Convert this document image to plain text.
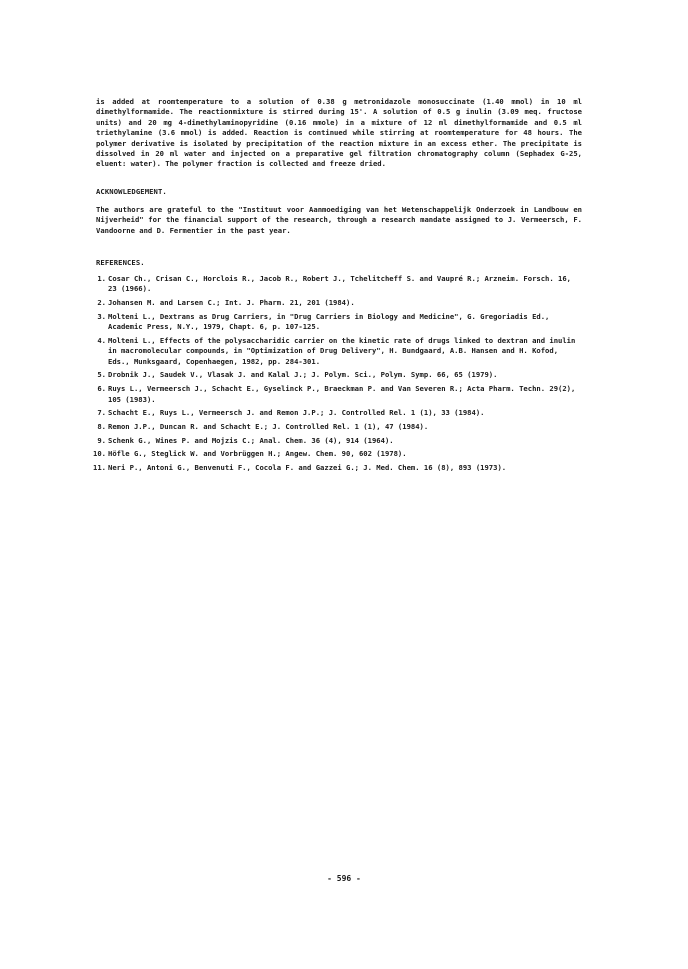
is added at roomtemperature to a solution of 0.38 g metronidazole monosuccinate (1.40 mmol) in 10 ml dimethylformamide. The reactionmixture is stirred during 15'. A solution of 0.5 g inulin (3.09 meq. fructose units) and 20 mg 4-dimethylaminopyridine (0.16 mmole) in a mixture of 12 ml dimethylformamide and 0.5 ml triethylamine (3.6 mmol) is added. Reaction is continued while stirring at roomtemperature for 48 hours. The polymer derivative is isolated by precipitation of the reaction mixture in an excess ether. The precipitate is dissolved in 20 ml water and injected on a preparative gel filtration chromatography column (Sephadex G-25, eluent: water). The polymer fraction is collected and freeze dried.

ACKNOWLEDGEMENT.

The authors are grateful to the "Instituut voor Aanmoediging van het Wetenschappelijk Onderzoek in Landbouw en Nijverheid" for the financial support of the research, through a research mandate assigned to J. Vermeersch, F. Vandoorne and D. Fermentier in the past year.

REFERENCES.

1. Cosar Ch., Crisan C., Horclois R., Jacob R., Robert J., Tchelitcheff S. and Vaupré R.; Arzneim. Forsch. 16, 23 (1966).
2. Johansen M. and Larsen C.; Int. J. Pharm. 21, 201 (1984).
3. Molteni L., Dextrans as Drug Carriers, in "Drug Carriers in Biology and Medicine", G. Gregoriadis Ed., Academic Press, N.Y., 1979, Chapt. 6, p. 107-125.
4. Molteni L., Effects of the polysaccharidic carrier on the kinetic rate of drugs linked to dextran and inulin in macromolecular compounds, in "Optimization of Drug Delivery", H. Bundgaard, A.B. Hansen and H. Kofod, Eds., Munksgaard, Copenhaegen, 1982, pp. 284-301.
5. Drobnik J., Saudek V., Vlasak J. and Kalal J.; J. Polym. Sci., Polym. Symp. 66, 65 (1979).
6. Ruys L., Vermeersch J., Schacht E., Gyselinck P., Braeckman P. and Van Severen R.; Acta Pharm. Techn. 29(2), 105 (1983).
7. Schacht E., Ruys L., Vermeersch J. and Remon J.P.; J. Controlled Rel. 1 (1), 33 (1984).
8. Remon J.P., Duncan R. and Schacht E.; J. Controlled Rel. 1 (1), 47 (1984).
9. Schenk G., Wines P. and Mojzis C.; Anal. Chem. 36 (4), 914 (1964).
10. Höfle G., Steglick W. and Vorbrüggen H.; Angew. Chem. 90, 602 (1978).
11. Neri P., Antoni G., Benvenuti F., Cocola F. and Gazzei G.; J. Med. Chem. 16 (8), 893 (1973).
- 596 -
